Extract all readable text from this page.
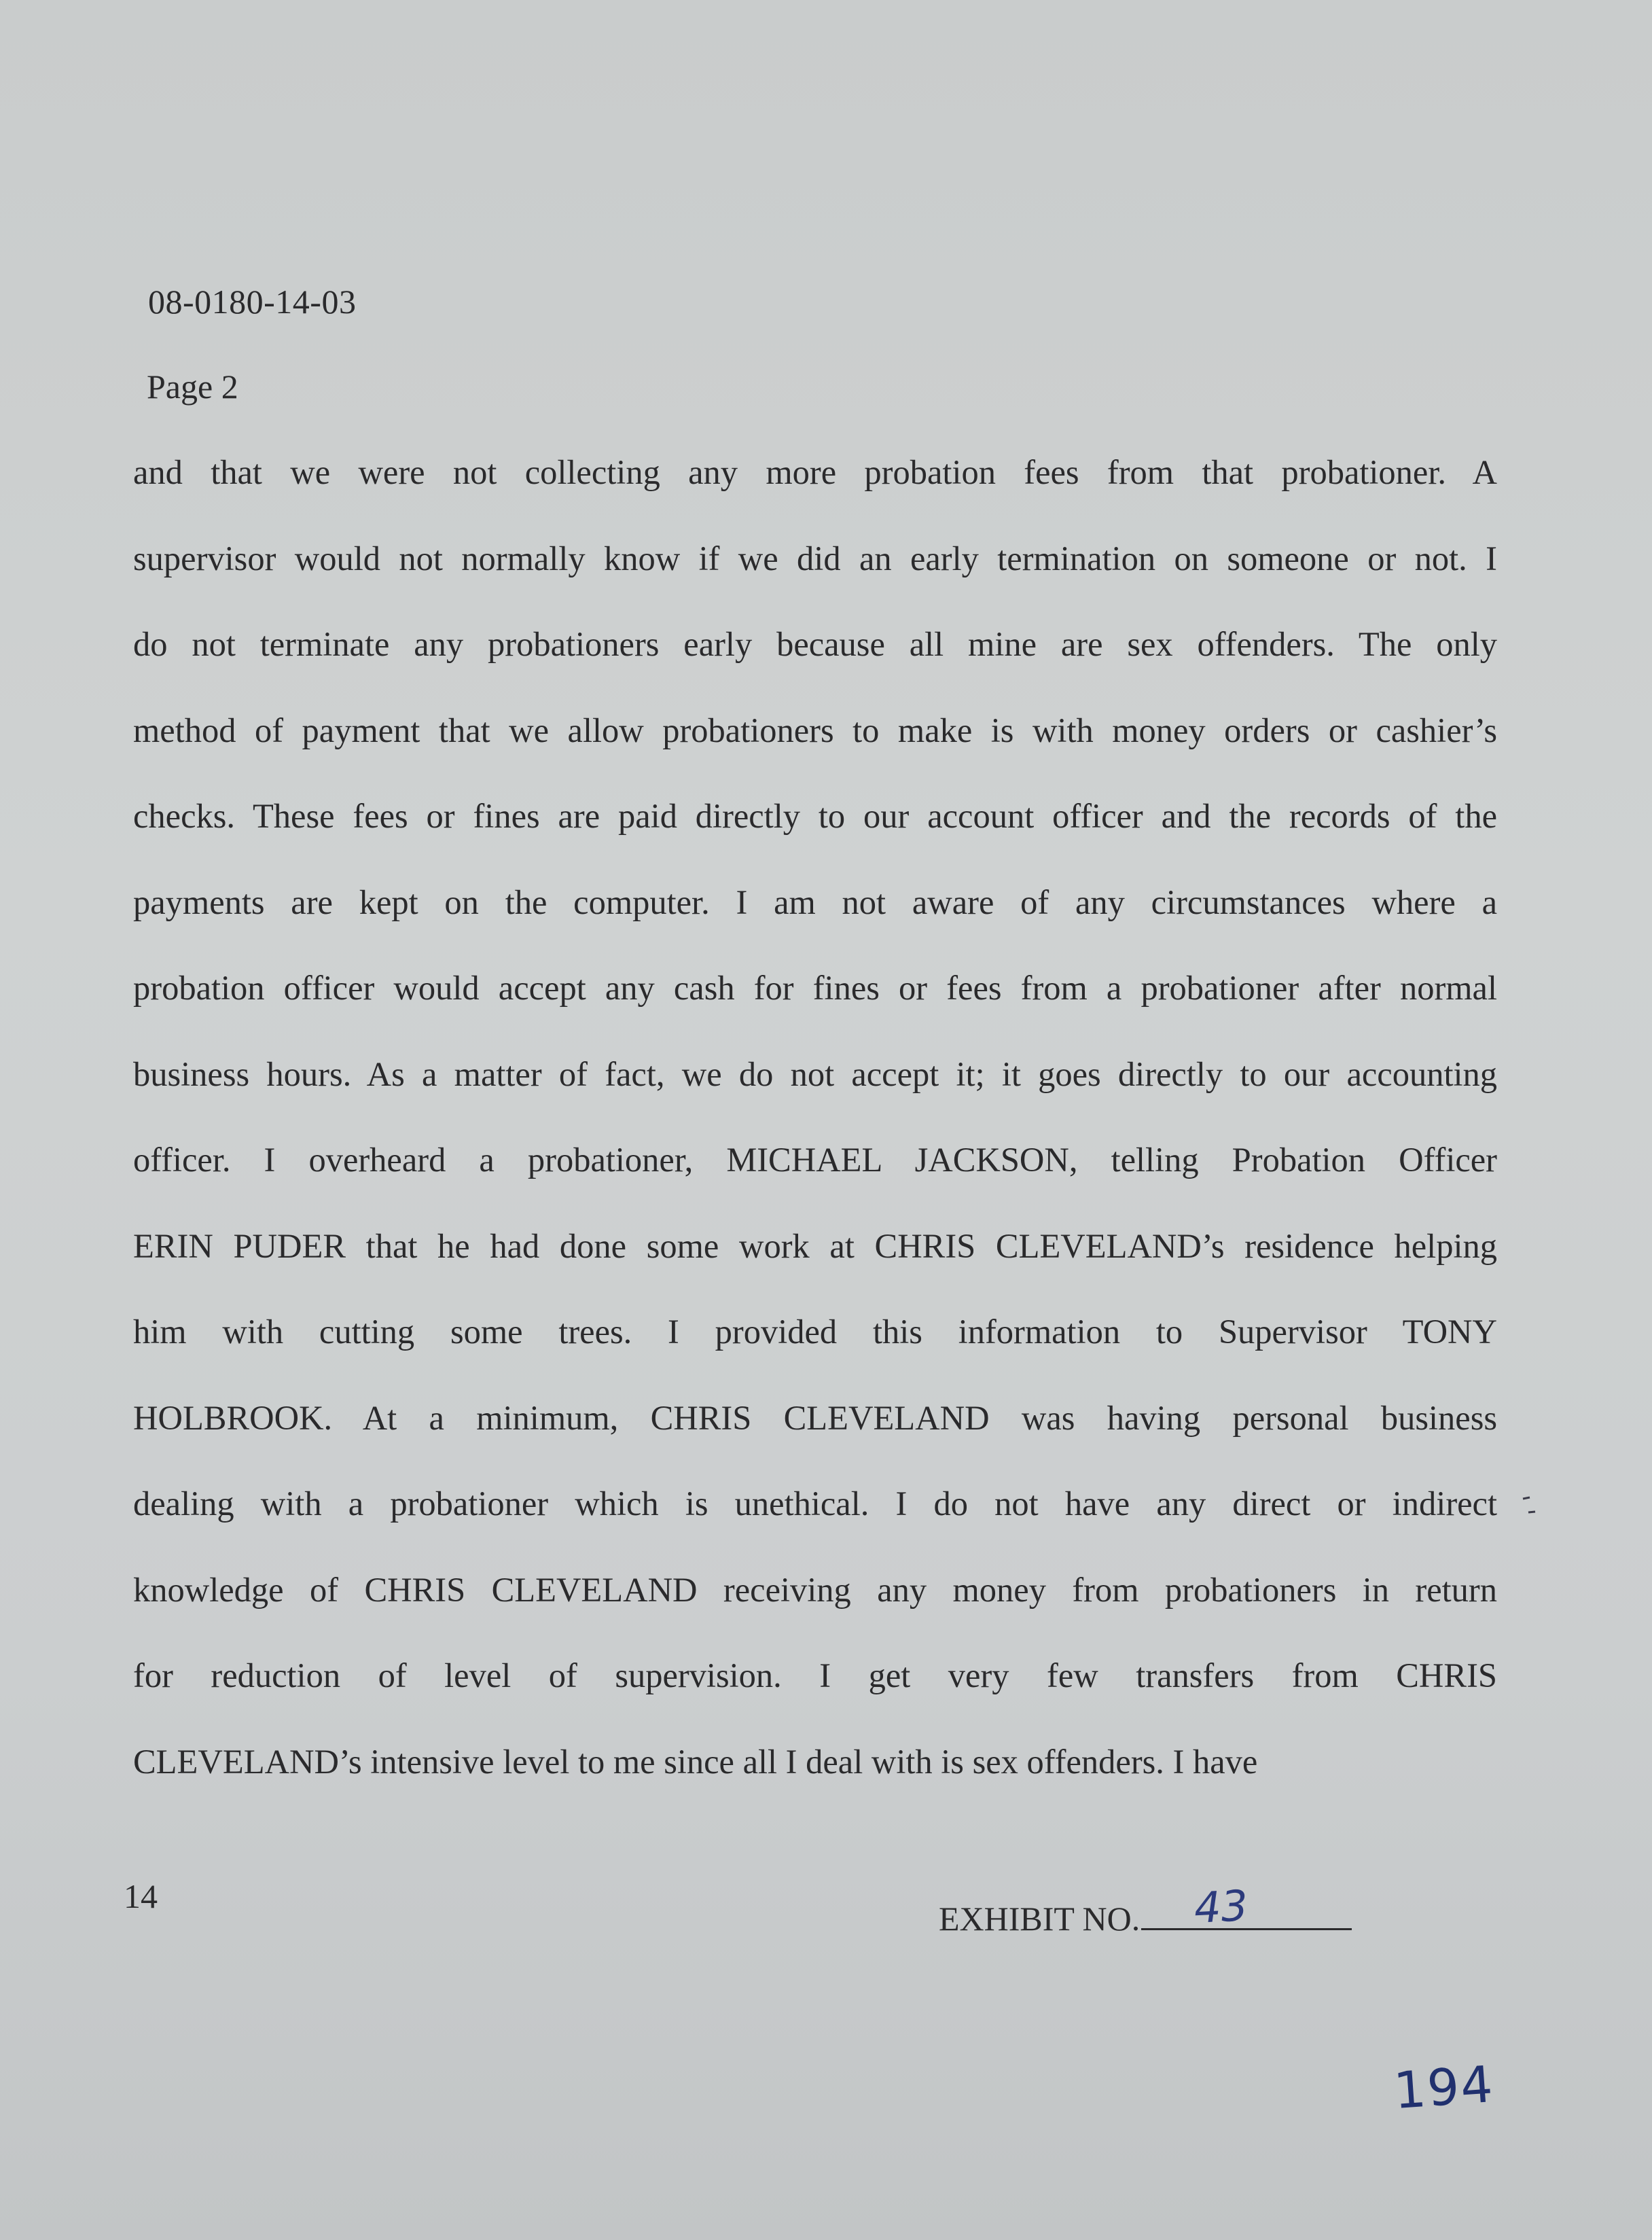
08-0180-14-03
Page 2
and that we were not collecting any more probation fees from that probationer. A
supervisor would not normally know if we did an early termination on someone or not. I
do not terminate any probationers early because all mine are sex offenders. The only
method of payment that we allow probationers to make is with money orders or cashier’s
checks. These fees or fines are paid directly to our account officer and the records of the
payments are kept on the computer. I am not aware of any circumstances where a
probation officer would accept any cash for fines or fees from a probationer after normal
business hours. As a matter of fact, we do not accept it; it goes directly to our accounting
officer. I overheard a probationer, MICHAEL JACKSON, telling Probation Officer
ERIN PUDER that he had done some work at CHRIS CLEVELAND’s residence helping
him with cutting some trees. I provided this information to Supervisor TONY
HOLBROOK. At a minimum, CHRIS CLEVELAND was having personal business
dealing with a probationer which is unethical. I do not have any direct or indirect
knowledge of CHRIS CLEVELAND receiving any money from probationers in return
for reduction of level of supervision. I get very few transfers from CHRIS
CLEVELAND’s intensive level to me since all I deal with is sex offenders. I have
14
EXHIBIT NO. 43
194
